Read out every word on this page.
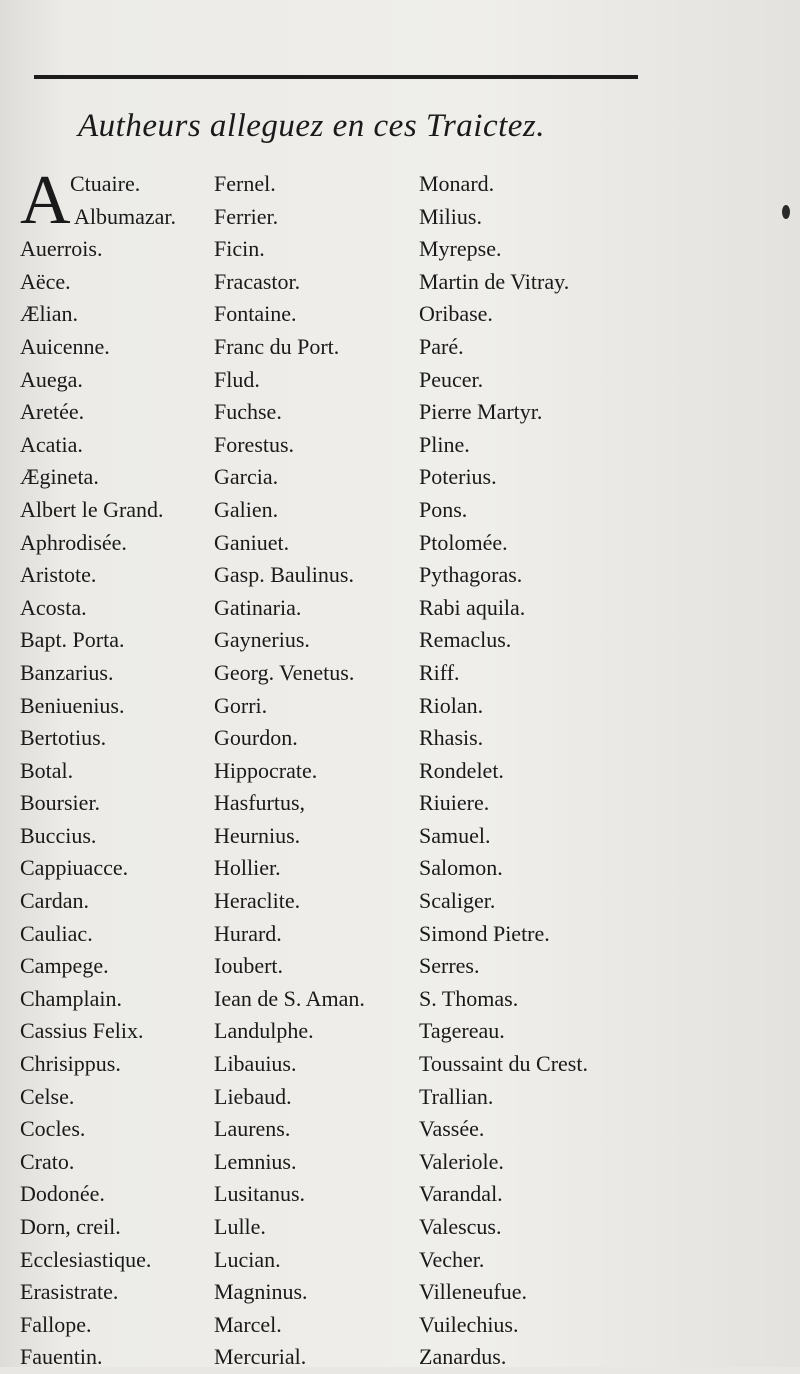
Autheurs alleguez en ces Traictez.
A Ctuaire.
Albumazar.
Auerrois.
Aëce.
Ælian.
Auicenne.
Auega.
Aretée.
Acatia.
Ægineta.
Albert le Grand.
Aphrodisée.
Aristote.
Acosta.
Bapt. Porta.
Banzarius.
Beniuenius.
Bertotius.
Botal.
Boursier.
Buccius.
Cappiuacce.
Cardan.
Cauliac.
Campege.
Champlain.
Cassius Felix.
Chrisippus.
Celse.
Cocles.
Crato.
Dodonée.
Dorn, creil.
Ecclesiastique.
Erasistrate.
Fallope.
Fauentin.
Fernel.
Ferrier.
Ficin.
Fracastor.
Fontaine.
Franc du Port.
Flud.
Fuchse.
Forestus.
Garcia.
Galien.
Ganiuet.
Gasp. Baulinus.
Gatinaria.
Gaynerius.
Georg. Venetus.
Gorri.
Gourdon.
Hippocrate.
Hasfurtus,
Heurnius.
Hollier.
Heraclite.
Hurard.
Ioubert.
Iean de S. Aman.
Landulphe.
Libauius.
Liebaud.
Laurens.
Lemnius.
Lusitanus.
Lulle.
Lucian.
Magninus.
Marcel.
Mercurial.
Monard.
Milius.
Myrepse.
Martin de Vitray.
Oribase.
Paré.
Peucer.
Pierre Martyr.
Pline.
Poterius.
Pons.
Ptolomée.
Pythagoras.
Rabi aquila.
Remaclus.
Riff.
Riolan.
Rhasis.
Rondelet.
Riuiere.
Samuel.
Salomon.
Scaliger.
Simond Pietre.
Serres.
S. Thomas.
Tagereau.
Toussaint du Crest.
Trallian.
Vassée.
Valeriole.
Varandal.
Valescus.
Vecher.
Villeneufue.
Vuilechius.
Zanardus.
